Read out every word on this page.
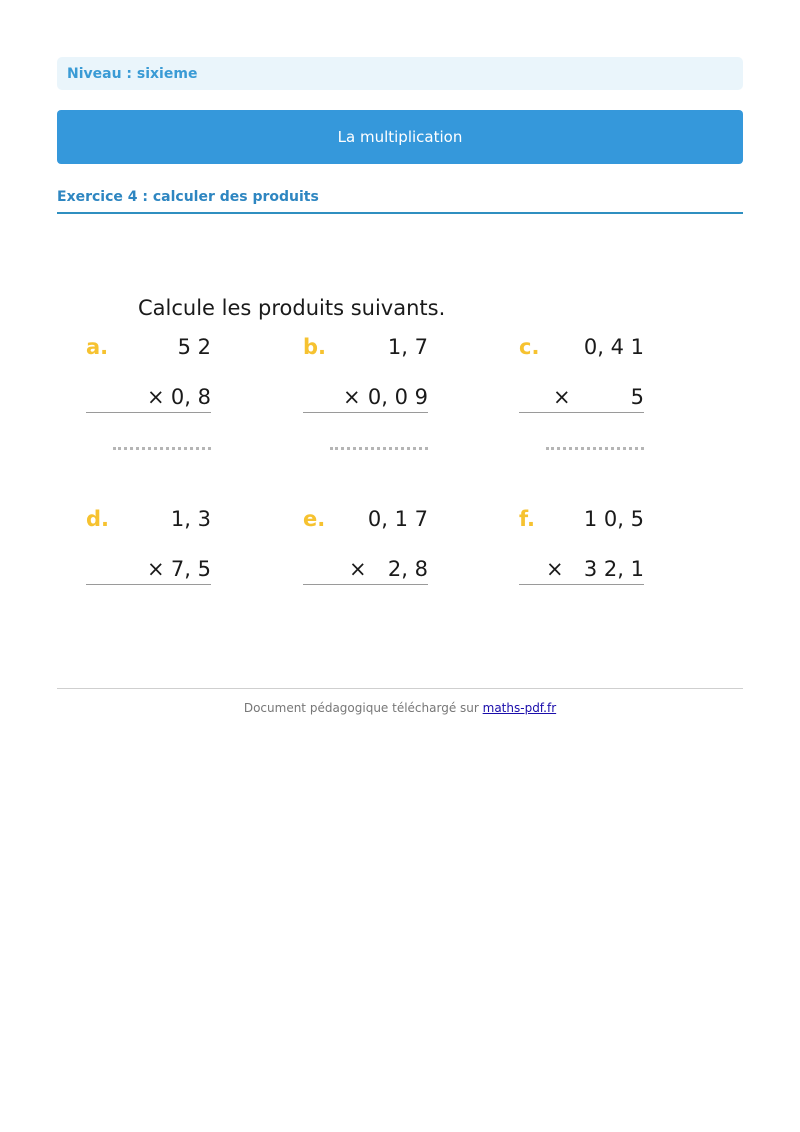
Niveau : sixieme
La multiplication
Exercice 4 : calculer des produits
Calcule les produits suivants.
a.	5 2
× 0, 8
b.	1, 7
× 0, 0 9
c. 0, 4 1
×	5
d.	1, 3
× 7, 5
e. 0, 1 7
× 2, 8
f. 1 0, 5
× 3 2, 1
Document pédagogique téléchargé sur maths-pdf.fr
